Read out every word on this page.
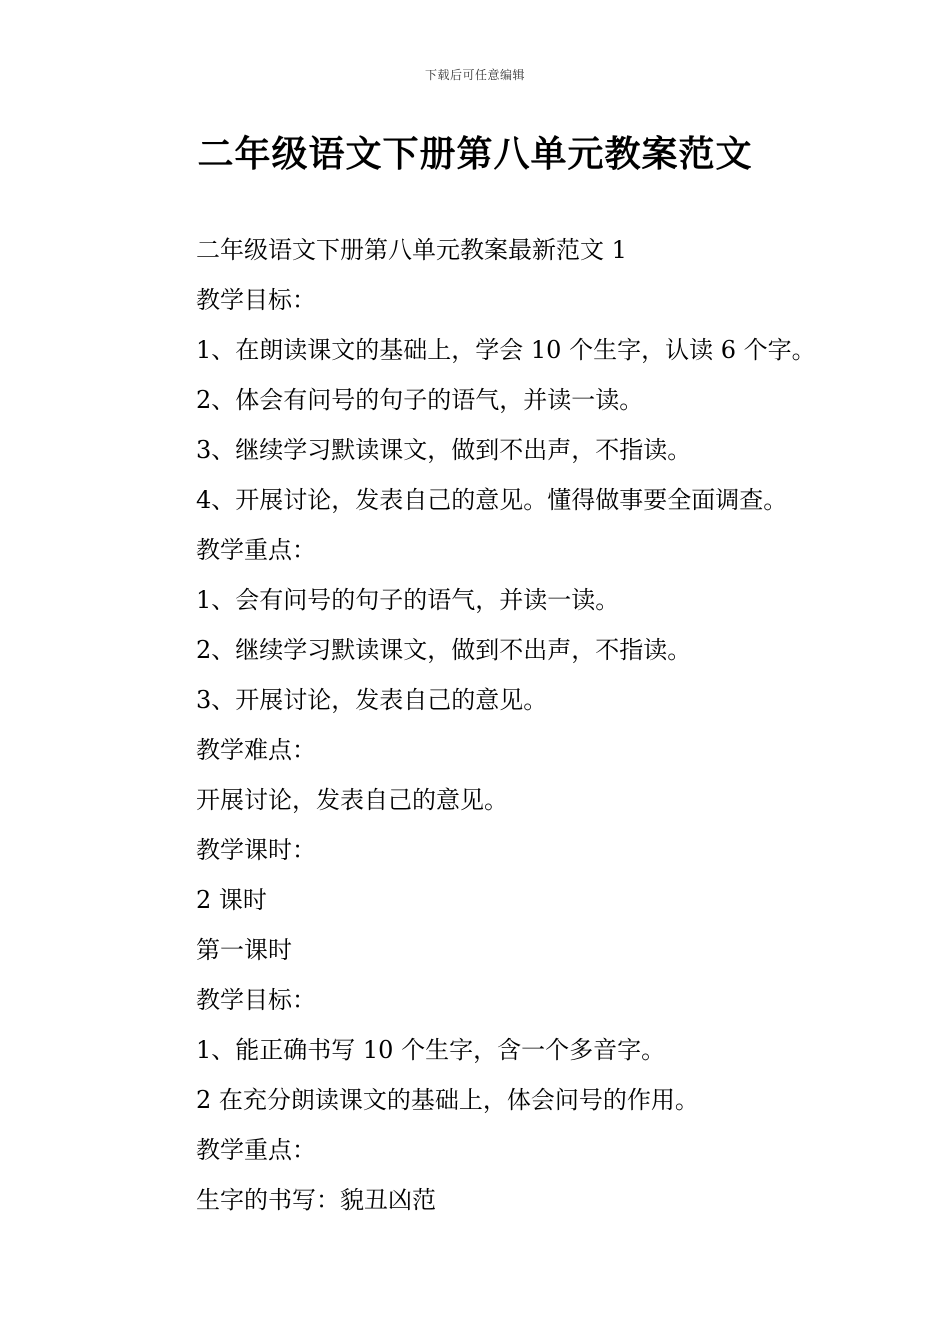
下载后可任意编辑
二年级语文下册第八单元教案范文
二年级语文下册第八单元教案最新范文 1
教学目标：
1、在朗读课文的基础上，学会 10 个生字，认读 6 个字。
2、体会有问号的句子的语气，并读一读。
3、继续学习默读课文，做到不出声，不指读。
4、开展讨论，发表自己的意见。懂得做事要全面调查。
教学重点：
1、会有问号的句子的语气，并读一读。
2、继续学习默读课文，做到不出声，不指读。
3、开展讨论，发表自己的意见。
教学难点：
开展讨论，发表自己的意见。
教学课时：
2 课时
第一课时
教学目标：
1、能正确书写 10 个生字，含一个多音字。
2 在充分朗读课文的基础上，体会问号的作用。
教学重点：
生字的书写：貌丑凶范
